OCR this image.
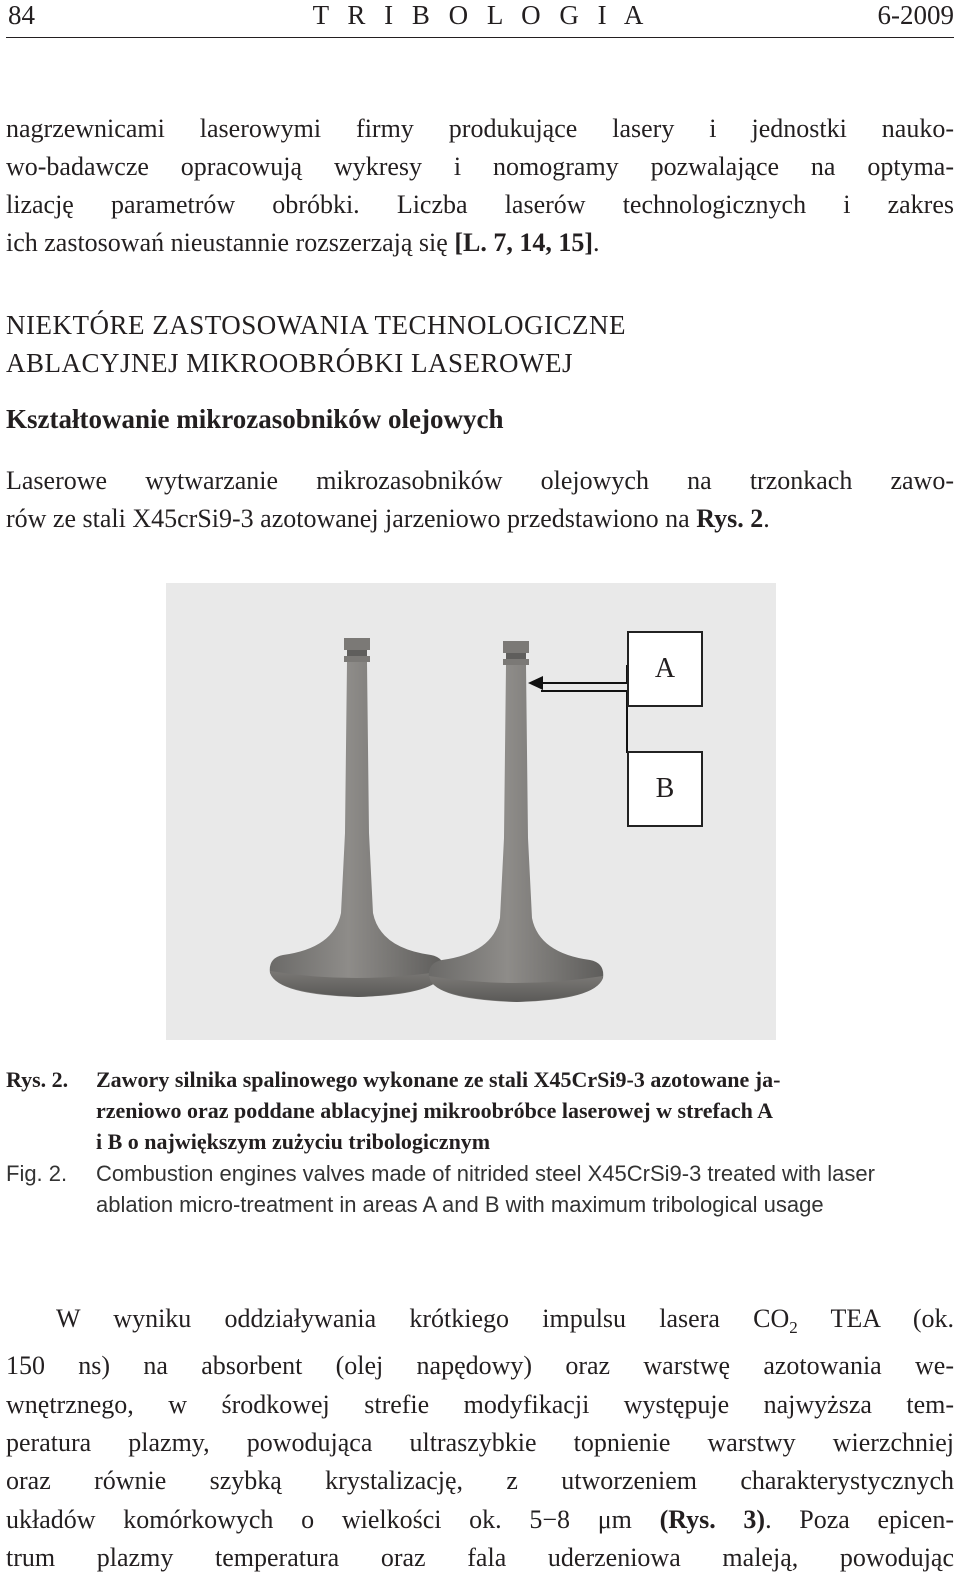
84	T R I B O L O G I A	6-2009

nagrzewnicami laserowymi firmy produkujące lasery i jednostki nauko-
wo-badawcze opracowują wykresy i nomogramy pozwalające na optyma-
lizację parametrów obróbki. Liczba laserów technologicznych i zakres
ich zastosowań nieustannie rozszerzają się [L. 7, 14, 15].

NIEKTÓRE ZASTOSOWANIA TECHNOLOGICZNE
ABLACYJNEJ MIKROOBRÓBKI LASEROWEJ
Kształtowanie mikrozasobników olejowych

Laserowe wytwarzanie mikrozasobników olejowych na trzonkach zawo-
rów ze stali X45crSi9-3 azotowanej jarzeniowo przedstawiono na Rys. 2.

A
B
Rys. 2. Zawory silnika spalinowego wykonane ze stali X45CrSi9-3 azotowane ja-
rzeniowo oraz poddane ablacyjnej mikroobróbce laserowej w strefach A
i B o największym zużyciu tribologicznym
Fig. 2. Combustion engines valves made of nitrided steel X45CrSi9-3 treated with laser
ablation micro-treatment in areas A and B with maximum tribological usage

W wyniku oddziaływania krótkiego impulsu lasera $CO_2$ TEA (ok.
150 ns) na absorbent (olej napędowy) oraz warstwę azotowania we-
wnętrznego, w środkowej strefie modyfikacji występuje najwyższa tem-
peratura plazmy, powodująca ultraszybkie topnienie warstwy wierzchniej
oraz równie szybką krystalizację, z utworzeniem charakterystycznych
układów komórkowych o wielkości ok. 5−8 μm (Rys. 3). Poza epicen-
trum plazmy temperatura oraz fala uderzeniowa maleją, powodując
